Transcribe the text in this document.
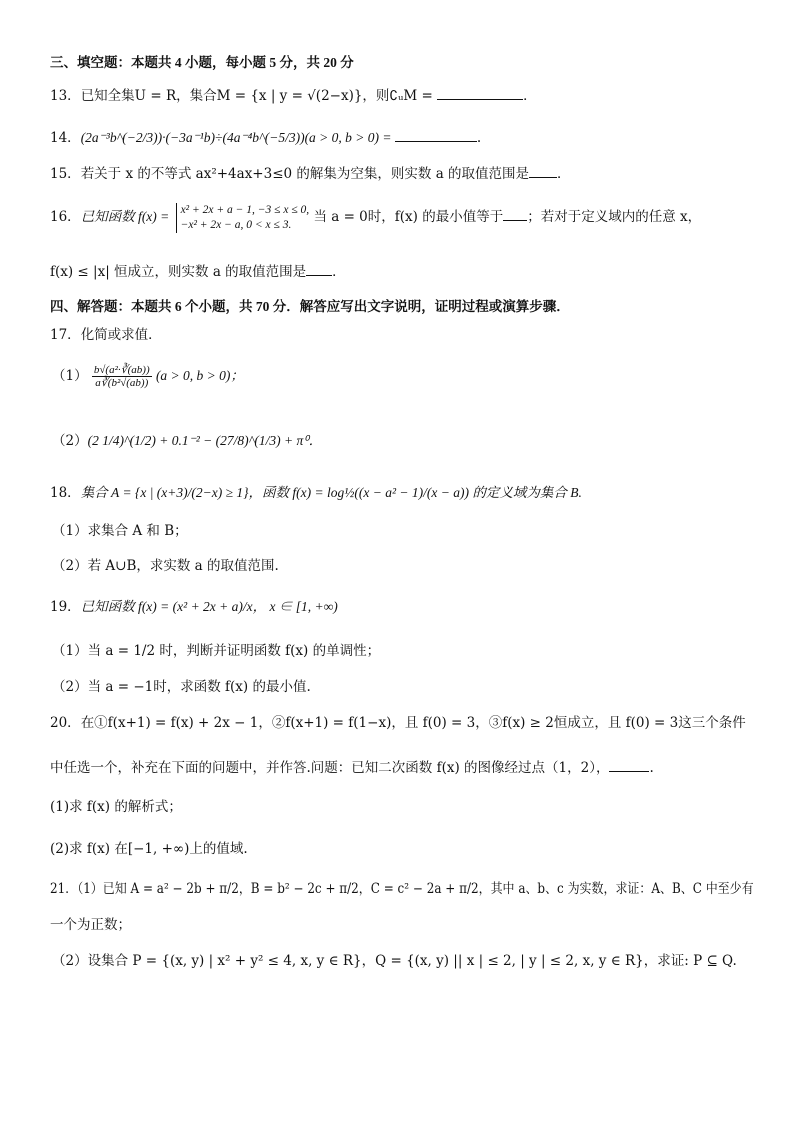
三、填空题：本题共 4 小题，每小题 5 分，共 20 分
13．已知全集U = R，集合M = {x | y = √(2−x)}，则∁ᵤM =	．
14．(2a⁻³b^(−2/3))·(−3a⁻¹b)÷(4a⁻⁴b^(−5/3))(a > 0, b > 0) =	.
15．若关于 x 的不等式 ax²+4ax+3≤0 的解集为空集，则实数 a 的取值范围是 ．
16．已知函数 f(x) = x² + 2x + a − 1, −3 ≤ x ≤ 0,
−x² + 2x − a, 0 < x ≤ 3.	当 a = 0时，f(x) 的最小值等于 ；若对于定义域内的任意 x，
f(x) ≤ |x| 恒成立，则实数 a 的取值范围是 ．
四、解答题：本题共 6 个小题，共 70 分．解答应写出文字说明，证明过程或演算步骤．
17．化简或求值．
$(1) \frac{\text{b√(a²·∛(ab))}}{\text{a∛(b²√(ab))}} (a > 0$, b > 0)；
（2）(2 1/4)^(1/2) + 0.1⁻² − (27/8)^(1/3) + π⁰．
18．集合 A = {x | (x+3)/(2−x) ≥ 1}，函数 f(x) = log½((x − a² − 1)/(x − a)) 的定义域为集合 B.
（1）求集合 A 和 B；
（2）若 A∪B，求实数 a 的取值范围.
19．已知函数 f(x) = (x² + 2x + a)/x， x ∈ [1, +∞)
（1）当 a = 1/2 时，判断并证明函数 f(x) 的单调性；
（2）当 a = −1时，求函数 f(x) 的最小值.
20．在①f(x+1) = f(x) + 2x − 1，②f(x+1) = f(1−x)，且 f(0) = 3，③f(x) ≥ 2恒成立，且 f(0) = 3这三个条件
中任选一个，补充在下面的问题中，并作答.问题：已知二次函数 f(x) 的图像经过点（1，2），	.
(1)求 f(x) 的解析式；
(2)求 f(x) 在[−1, +∞)上的值域.
21．（1）已知 A = a² − 2b + π/2，B = b² − 2c + π/2，C = c² − 2a + π/2，其中 a、b、c 为实数，求证：A、B、C 中至少有
一个为正数；
（2）设集合 P = {(x, y) | x² + y² ≤ 4, x, y ∈ R}，Q = {(x, y) || x | ≤ 2, | y | ≤ 2, x, y ∈ R}，求证: P ⊆ Q.
